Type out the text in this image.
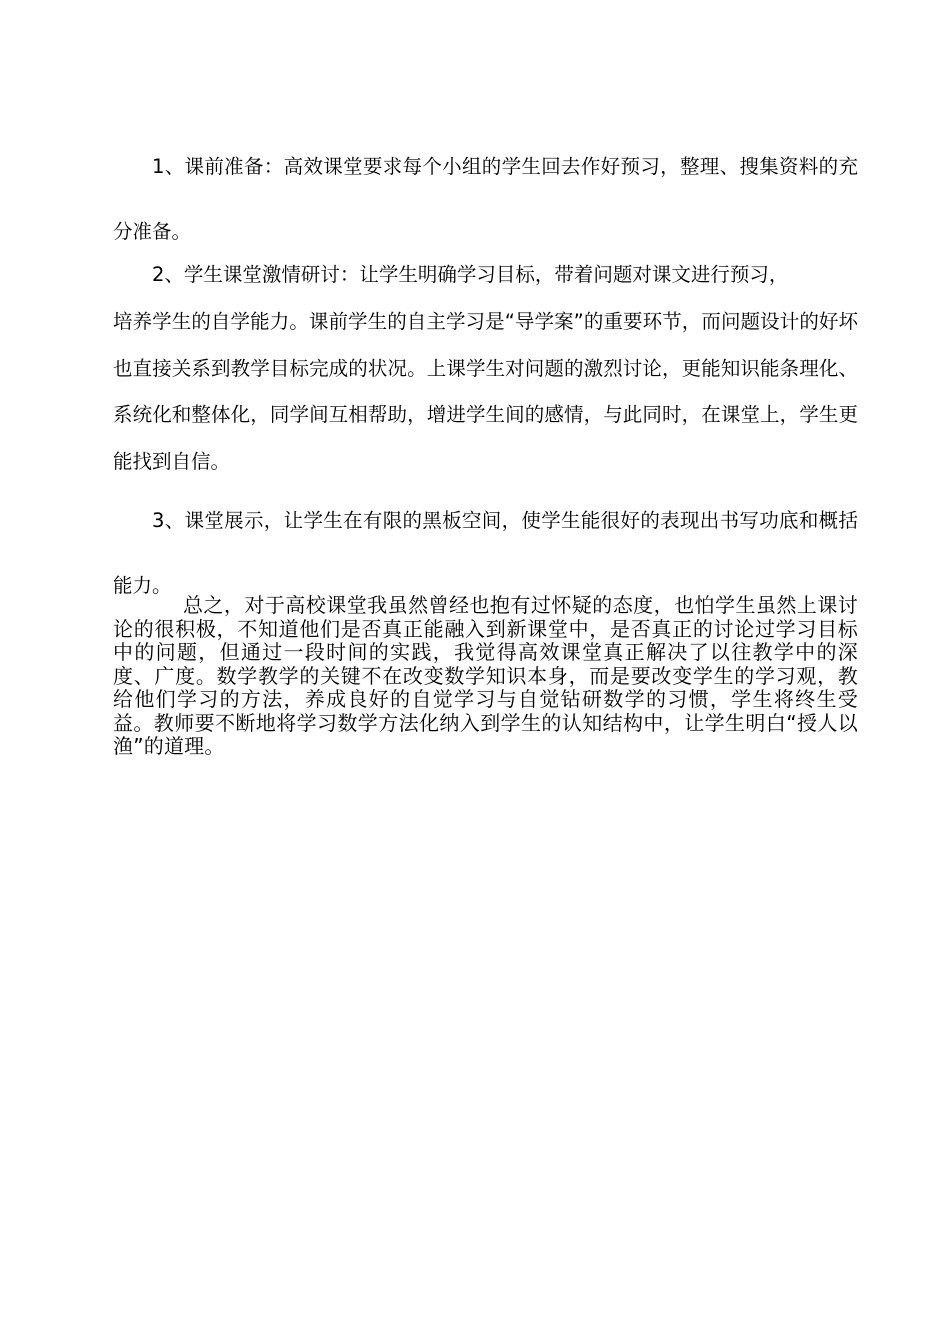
1、课前准备：高效课堂要求每个小组的学生回去作好预习，整理、搜集资料的充分准备。

2、学生课堂激情研讨：让学生明确学习目标，带着问题对课文进行预习，

培养学生的自学能力。课前学生的自主学习是“导学案”的重要环节，而问题设计的好坏也直接关系到教学目标完成的状况。上课学生对问题的激烈讨论，更能知识能条理化、系统化和整体化，同学间互相帮助，增进学生间的感情，与此同时，在课堂上，学生更能找到自信。

3、课堂展示，让学生在有限的黑板空间，使学生能很好的表现出书写功底和概括能力。

总之，对于高校课堂我虽然曾经也抱有过怀疑的态度，也怕学生虽然上课讨论的很积极，不知道他们是否真正能融入到新课堂中，是否真正的讨论过学习目标中的问题，但通过一段时间的实践，我觉得高效课堂真正解决了以往教学中的深度、广度。数学教学的关键不在改变数学知识本身，而是要改变学生的学习观，教给他们学习的方法，养成良好的自觉学习与自觉钻研数学的习惯，学生将终生受益。教师要不断地将学习数学方法化纳入到学生的认知结构中，让学生明白“授人以渔”的道理。
